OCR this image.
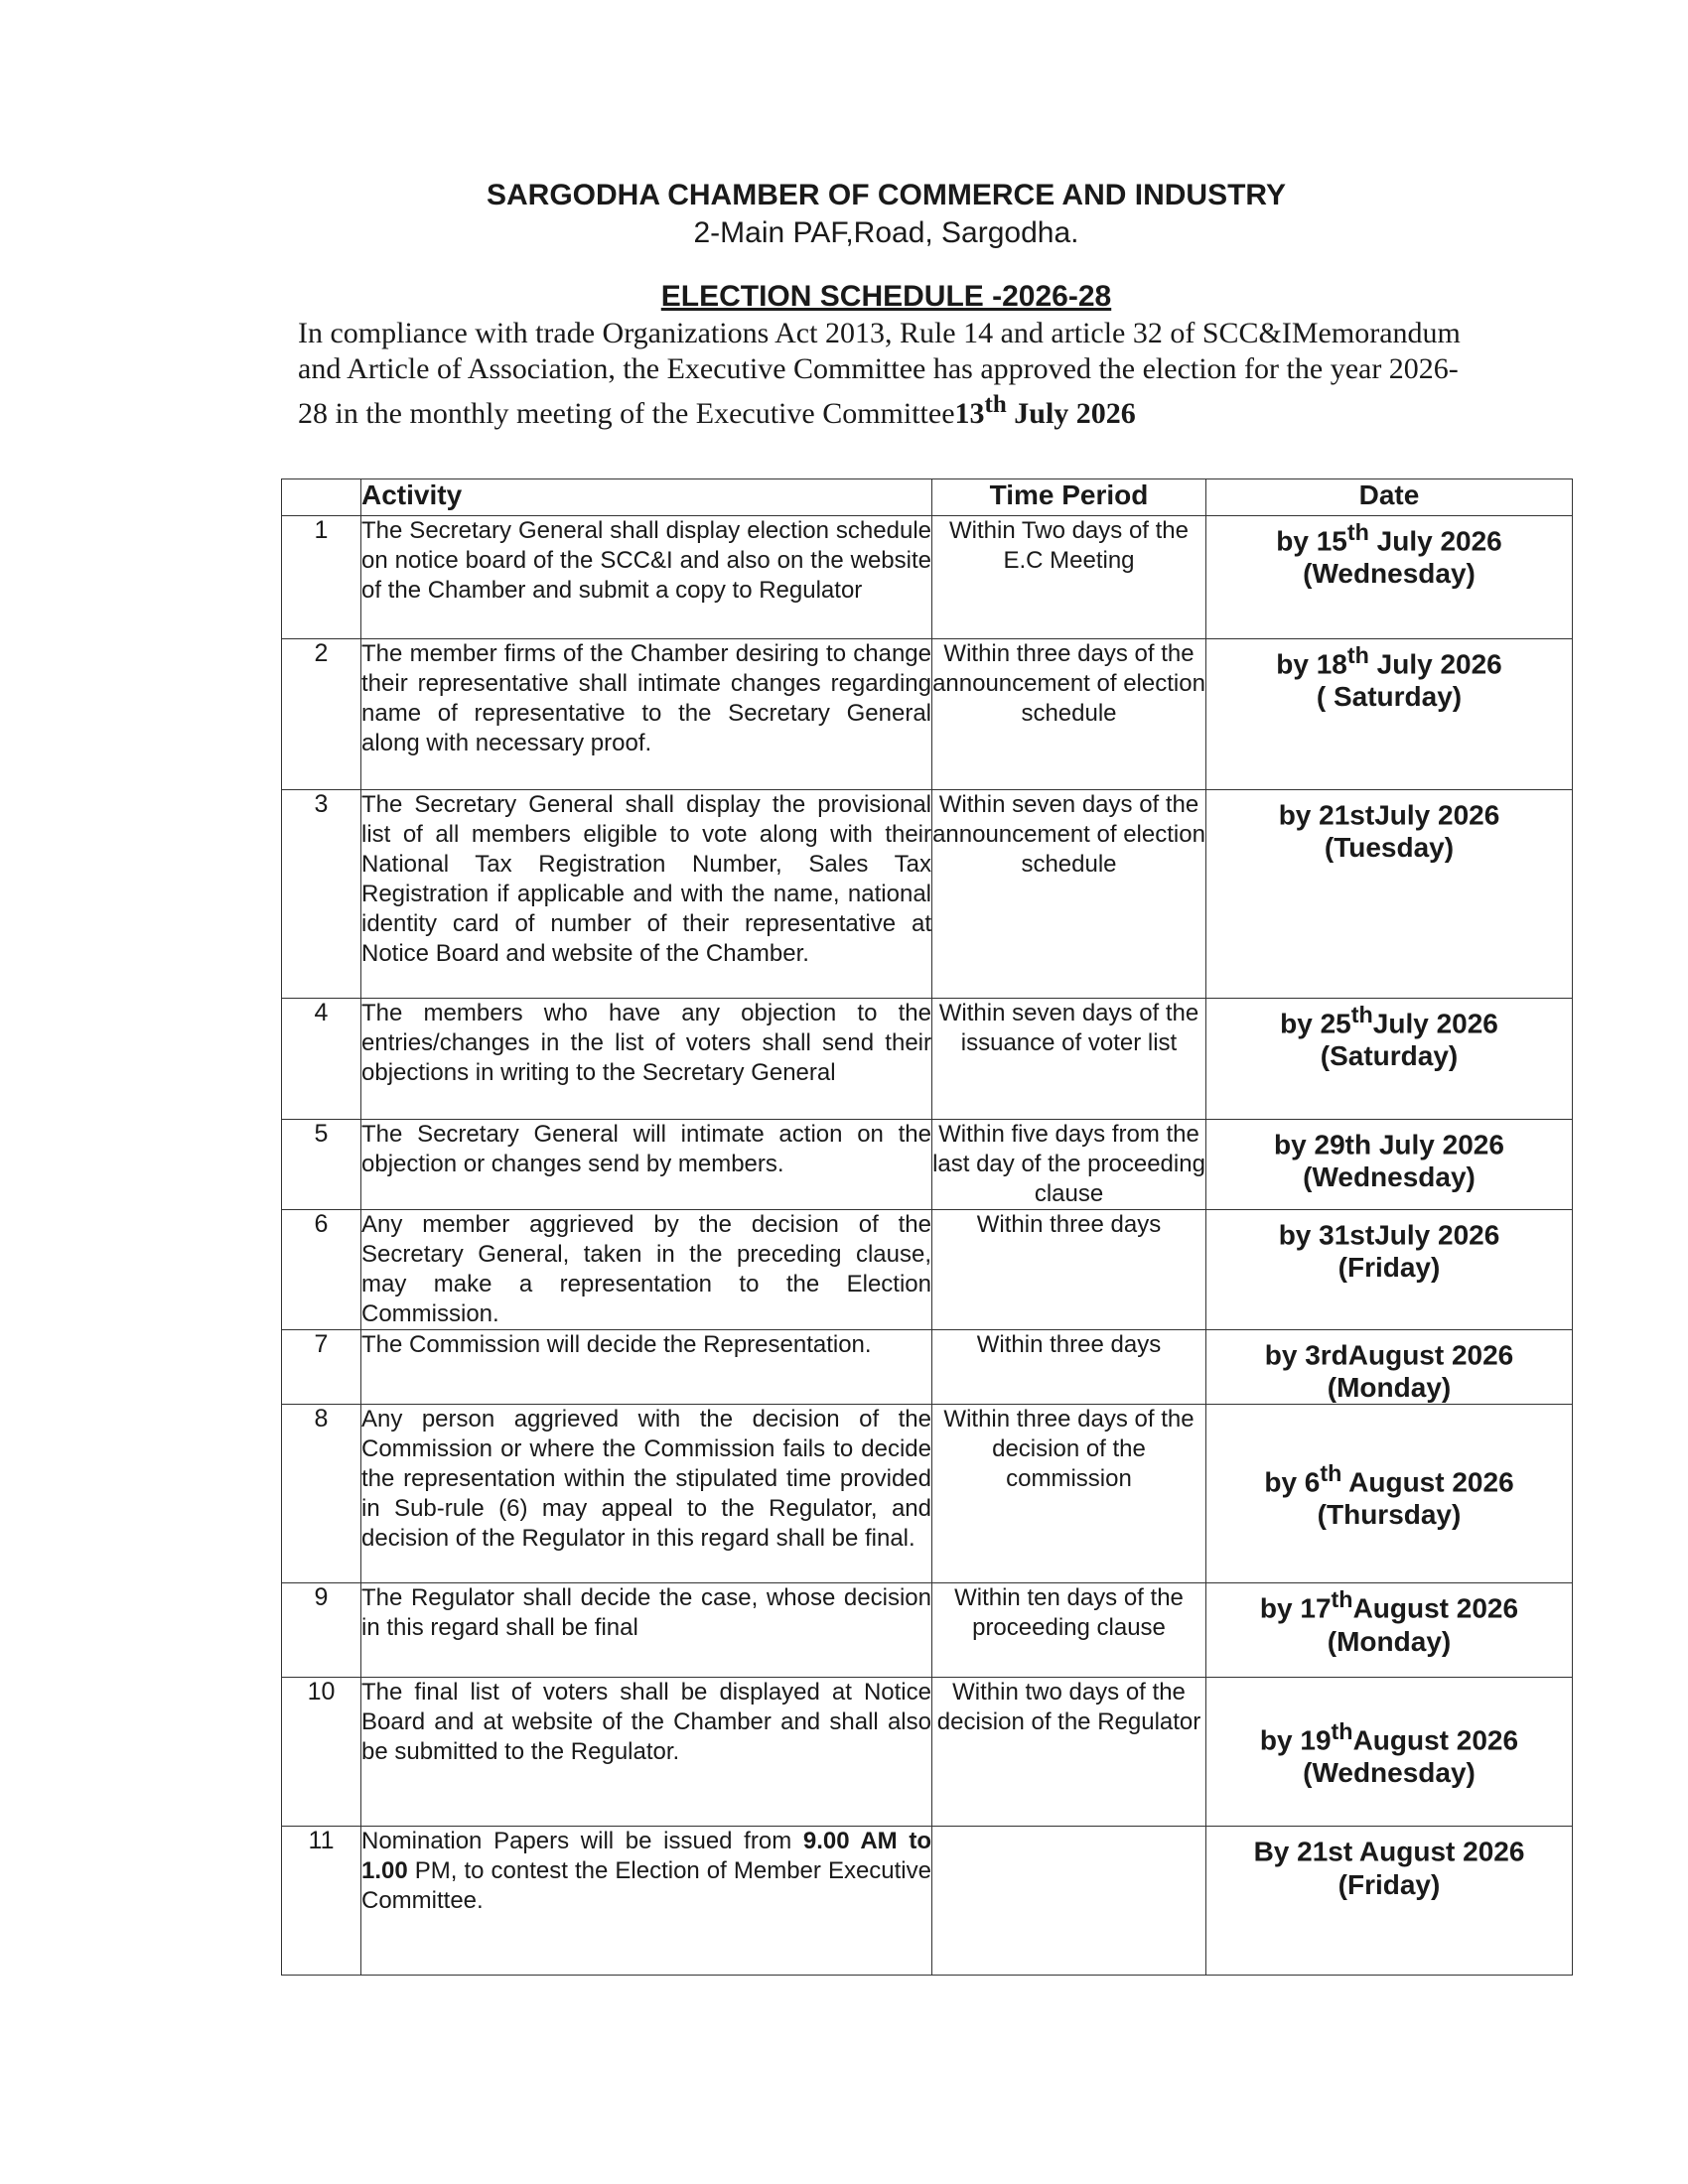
SARGODHA CHAMBER OF COMMERCE AND INDUSTRY
2-Main PAF,Road, Sargodha.
ELECTION SCHEDULE -2026-28
In compliance with trade Organizations Act 2013, Rule 14 and article 32 of SCC&IMemorandum and Article of Association, the Executive Committee has approved the election for the year 2026-28 in the monthly meeting of the Executive Committee13th July 2026
	Activity	Time Period	Date
1	The Secretary General shall display election schedule on notice board of the SCC&I and also on the website of the Chamber and submit a copy to Regulator	Within Two days of the E.C Meeting	by 15th July 2026
(Wednesday)
2	The member firms of the Chamber desiring to change their representative shall intimate changes regarding name of representative to the Secretary General along with necessary proof.	Within three days of the announcement of election schedule	by 18th July 2026
( Saturday)
3	The Secretary General shall display the provisional list of all members eligible to vote along with their National Tax Registration Number, Sales Tax Registration if applicable and with the name, national identity card of number of their representative at Notice Board and website of the Chamber.	Within seven days of the announcement of election schedule	by 21stJuly 2026
(Tuesday)
4	The members who have any objection to the entries/changes in the list of voters shall send their objections in writing to the Secretary General	Within seven days of the issuance of voter list	by 25thJuly 2026
(Saturday)
5	The Secretary General will intimate action on the objection or changes send by members.	Within five days from the last day of the proceeding clause	by 29th July 2026
(Wednesday)
6	Any member aggrieved by the decision of the Secretary General, taken in the preceding clause, may make a representation to the Election Commission.	Within three days	by 31stJuly 2026
(Friday)
7	The Commission will decide the Representation.	Within three days	by 3rdAugust 2026
(Monday)
8	Any person aggrieved with the decision of the Commission or where the Commission fails to decide the representation within the stipulated time provided in Sub-rule (6) may appeal to the Regulator, and decision of the Regulator in this regard shall be final.	Within three days of the decision of the commission	by 6th August 2026
(Thursday)
9	The Regulator shall decide the case, whose decision in this regard shall be final	Within ten days of the proceeding clause	by 17thAugust 2026
(Monday)
10	The final list of voters shall be displayed at Notice Board and at website of the Chamber and shall also be submitted to the Regulator.	Within two days of the decision of the Regulator	by 19thAugust 2026
(Wednesday)
11	Nomination Papers will be issued from 9.00 AM to 1.00 PM, to contest the Election of Member Executive Committee.		By 21st August 2026
(Friday)
